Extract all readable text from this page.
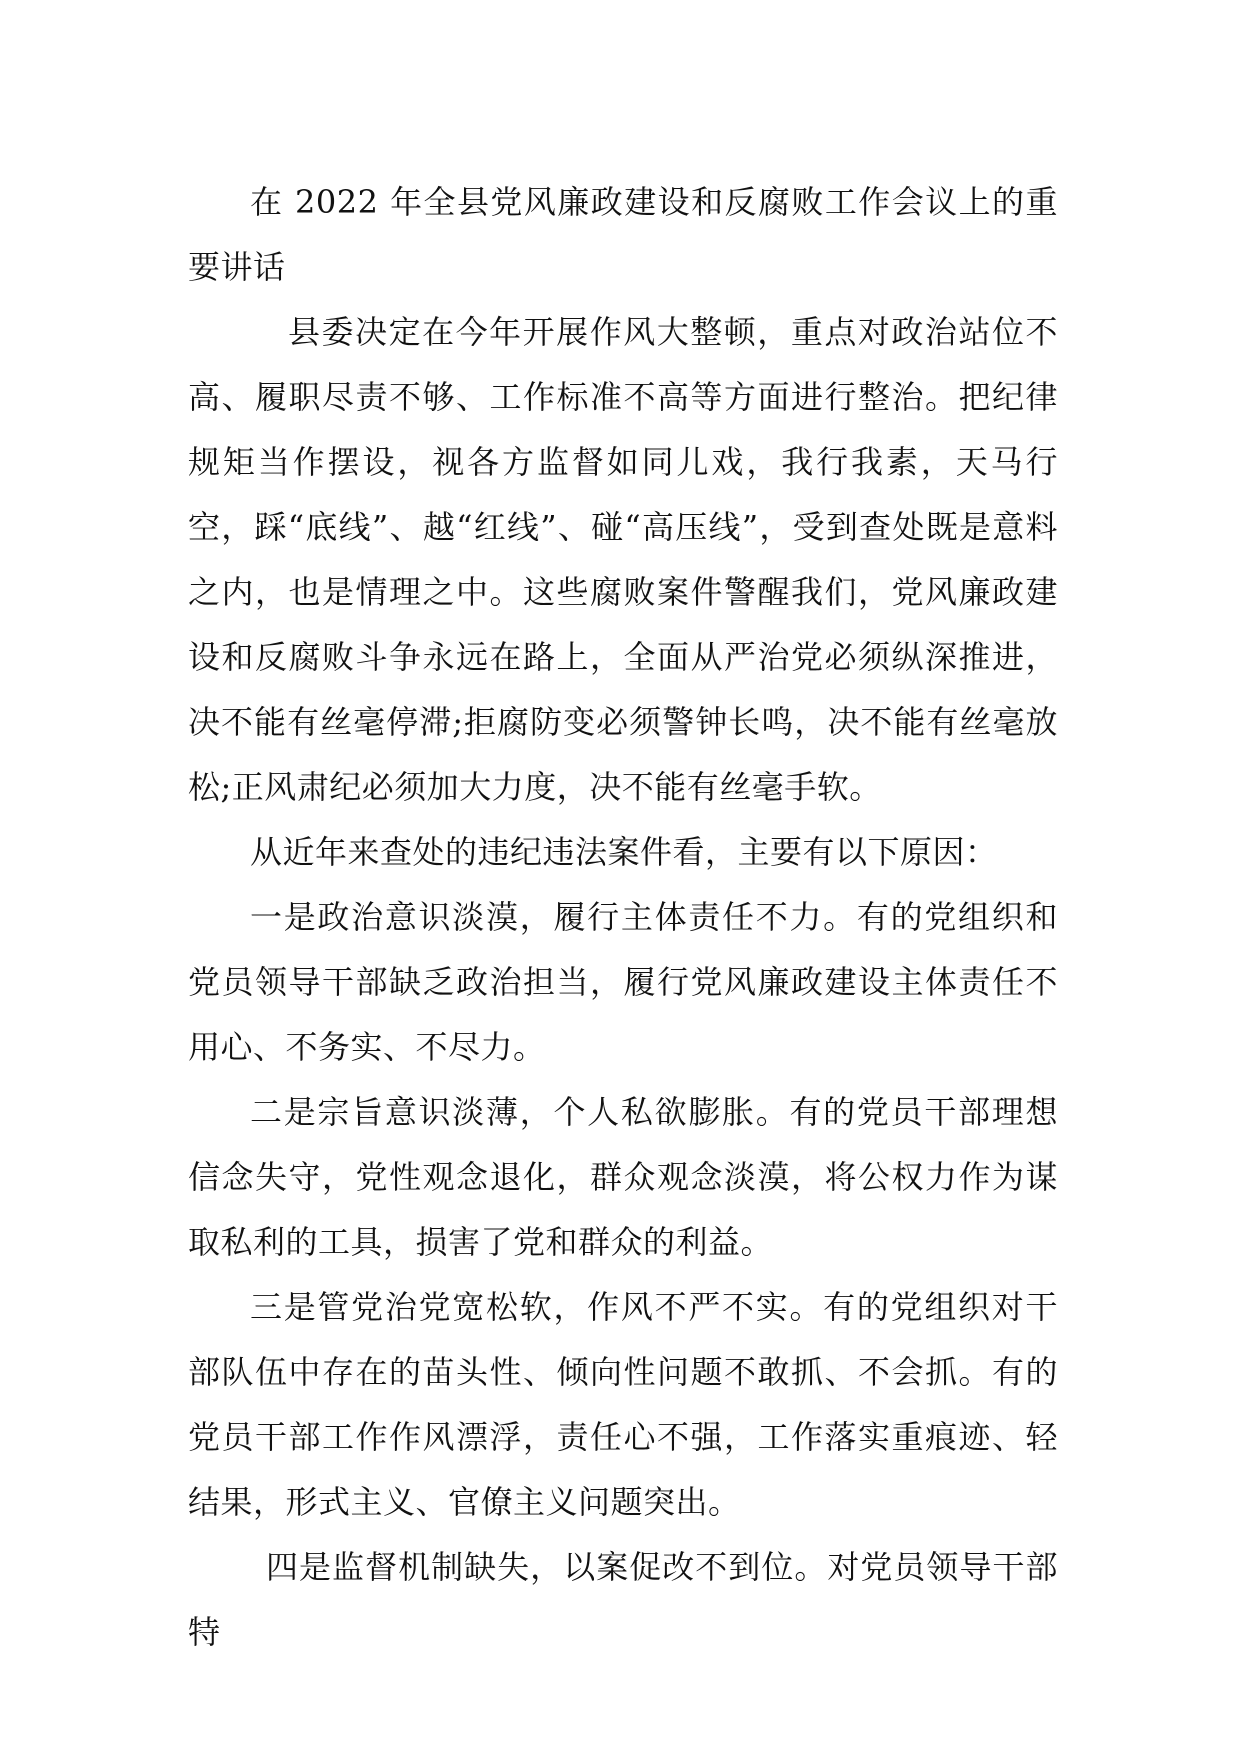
在 2022 年全县党风廉政建设和反腐败工作会议上的重要讲话

县委决定在今年开展作风大整顿，重点对政治站位不高、履职尽责不够、工作标准不高等方面进行整治。把纪律规矩当作摆设，视各方监督如同儿戏，我行我素，天马行空，踩“底线”、越“红线”、碰“高压线”，受到查处既是意料之内，也是情理之中。这些腐败案件警醒我们，党风廉政建设和反腐败斗争永远在路上，全面从严治党必须纵深推进，决不能有丝毫停滞;拒腐防变必须警钟长鸣，决不能有丝毫放松;正风肃纪必须加大力度，决不能有丝毫手软。

从近年来查处的违纪违法案件看，主要有以下原因：

一是政治意识淡漠，履行主体责任不力。有的党组织和党员领导干部缺乏政治担当，履行党风廉政建设主体责任不用心、不务实、不尽力。

二是宗旨意识淡薄，个人私欲膨胀。有的党员干部理想信念失守，党性观念退化，群众观念淡漠，将公权力作为谋取私利的工具，损害了党和群众的利益。

三是管党治党宽松软，作风不严不实。有的党组织对干部队伍中存在的苗头性、倾向性问题不敢抓、不会抓。有的党员干部工作作风漂浮，责任心不强，工作落实重痕迹、轻结果，形式主义、官僚主义问题突出。

四是监督机制缺失，以案促改不到位。对党员领导干部特
